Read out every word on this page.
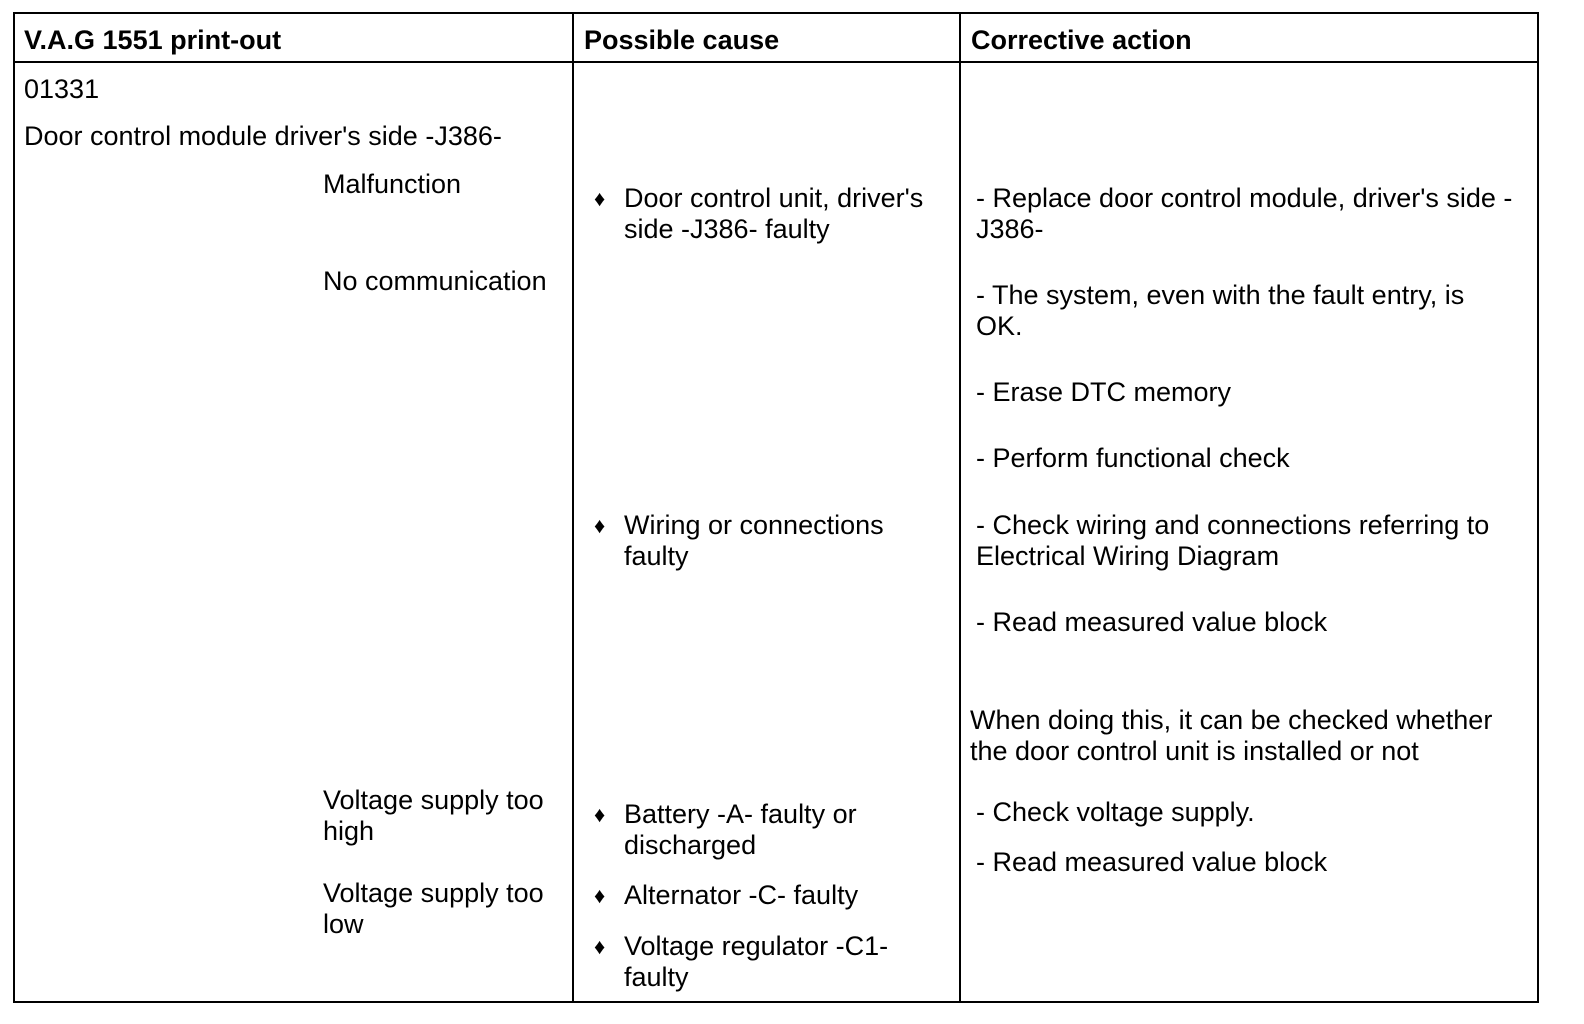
V.A.G 1551 print-out	Possible cause	Corrective action
01331
Door control module driver's side -J386-
Malfunction
No communication
Voltage supply too
high
Voltage supply too
low
♦ Door control unit, driver's
side -J386- faulty
♦ Wiring or connections
faulty
♦ Battery -A- faulty or
discharged
♦ Alternator -C- faulty
♦ Voltage regulator -C1-
faulty
- Replace door control module, driver's side -
J386-
- The system, even with the fault entry, is
OK.
- Erase DTC memory
- Perform functional check
- Check wiring and connections referring to
Electrical Wiring Diagram
- Read measured value block
When doing this, it can be checked whether
the door control unit is installed or not
- Check voltage supply.
- Read measured value block
